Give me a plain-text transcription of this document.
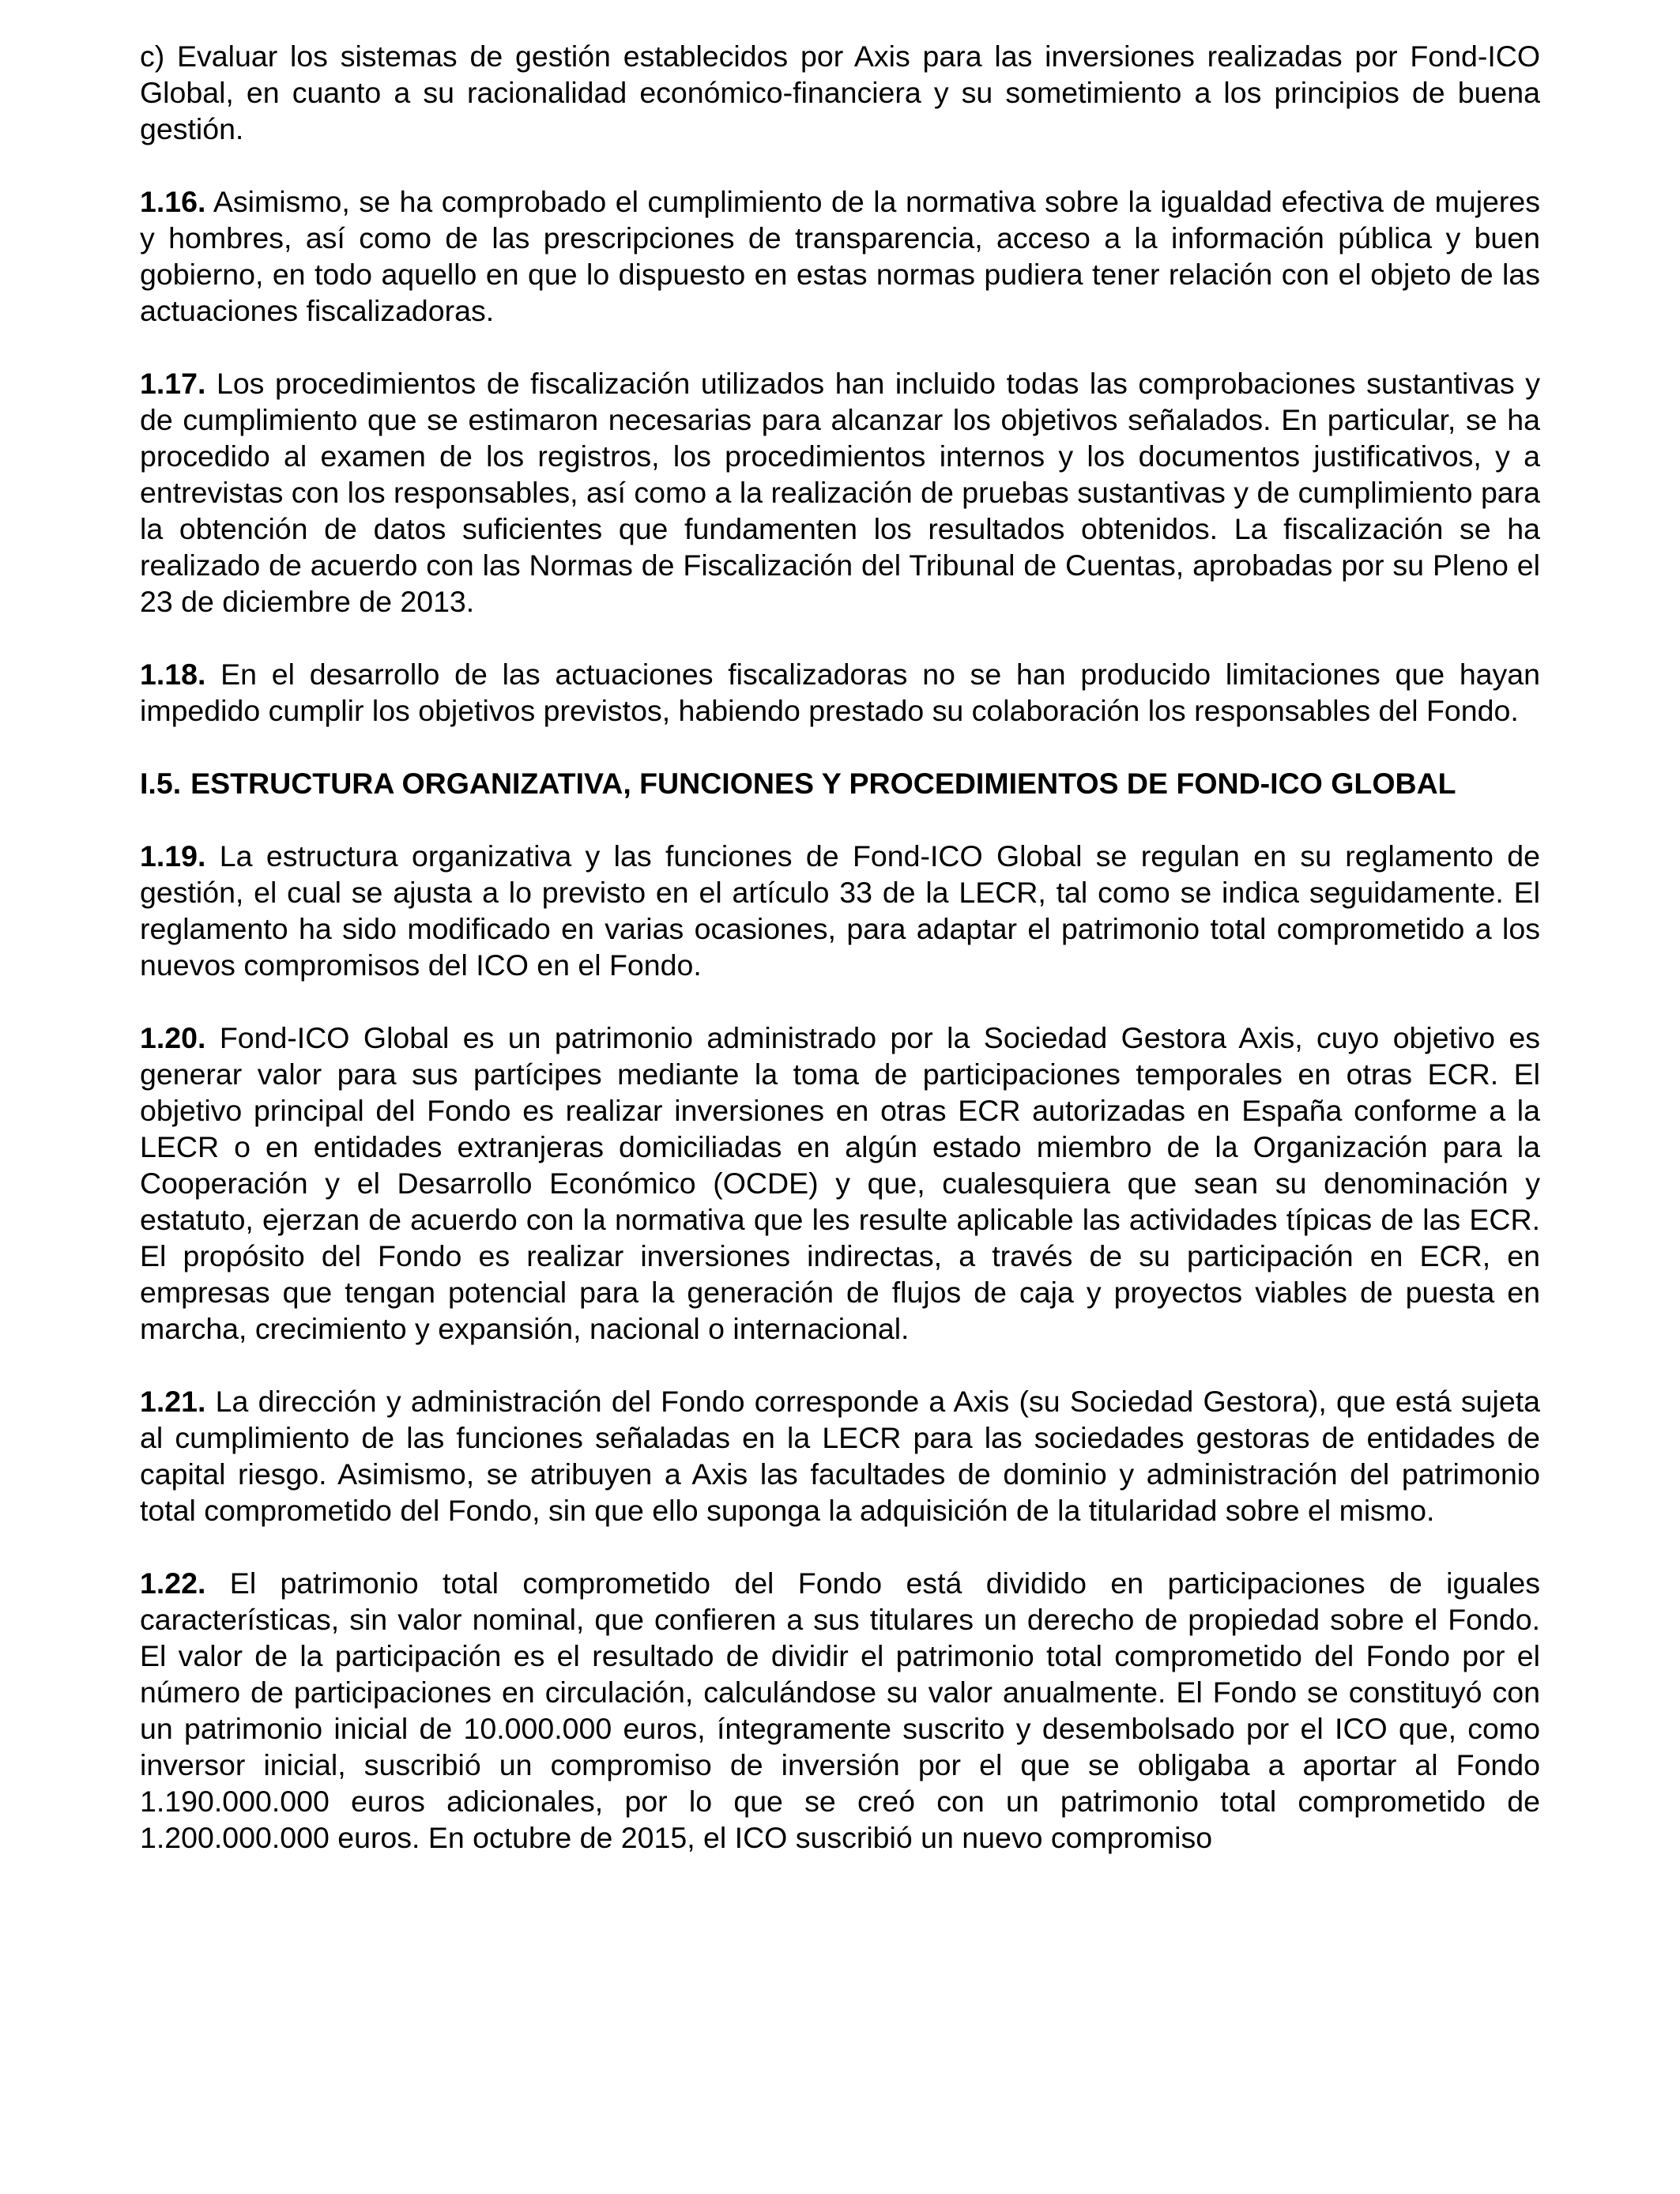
c) Evaluar los sistemas de gestión establecidos por Axis para las inversiones realizadas por Fond-ICO Global, en cuanto a su racionalidad económico-financiera y su sometimiento a los principios de buena gestión.

1.16. Asimismo, se ha comprobado el cumplimiento de la normativa sobre la igualdad efectiva de mujeres y hombres, así como de las prescripciones de transparencia, acceso a la información pública y buen gobierno, en todo aquello en que lo dispuesto en estas normas pudiera tener relación con el objeto de las actuaciones fiscalizadoras.

1.17. Los procedimientos de fiscalización utilizados han incluido todas las comprobaciones sustantivas y de cumplimiento que se estimaron necesarias para alcanzar los objetivos señalados. En particular, se ha procedido al examen de los registros, los procedimientos internos y los documentos justificativos, y a entrevistas con los responsables, así como a la realización de pruebas sustantivas y de cumplimiento para la obtención de datos suficientes que fundamenten los resultados obtenidos. La fiscalización se ha realizado de acuerdo con las Normas de Fiscalización del Tribunal de Cuentas, aprobadas por su Pleno el 23 de diciembre de 2013.

1.18. En el desarrollo de las actuaciones fiscalizadoras no se han producido limitaciones que hayan impedido cumplir los objetivos previstos, habiendo prestado su colaboración los responsables del Fondo.

I.5. ESTRUCTURA ORGANIZATIVA, FUNCIONES Y PROCEDIMIENTOS DE FOND-ICO GLOBAL

1.19. La estructura organizativa y las funciones de Fond-ICO Global se regulan en su reglamento de gestión, el cual se ajusta a lo previsto en el artículo 33 de la LECR, tal como se indica seguidamente. El reglamento ha sido modificado en varias ocasiones, para adaptar el patrimonio total comprometido a los nuevos compromisos del ICO en el Fondo.

1.20. Fond-ICO Global es un patrimonio administrado por la Sociedad Gestora Axis, cuyo objetivo es generar valor para sus partícipes mediante la toma de participaciones temporales en otras ECR. El objetivo principal del Fondo es realizar inversiones en otras ECR autorizadas en España conforme a la LECR o en entidades extranjeras domiciliadas en algún estado miembro de la Organización para la Cooperación y el Desarrollo Económico (OCDE) y que, cualesquiera que sean su denominación y estatuto, ejerzan de acuerdo con la normativa que les resulte aplicable las actividades típicas de las ECR. El propósito del Fondo es realizar inversiones indirectas, a través de su participación en ECR, en empresas que tengan potencial para la generación de flujos de caja y proyectos viables de puesta en marcha, crecimiento y expansión, nacional o internacional.

1.21. La dirección y administración del Fondo corresponde a Axis (su Sociedad Gestora), que está sujeta al cumplimiento de las funciones señaladas en la LECR para las sociedades gestoras de entidades de capital riesgo. Asimismo, se atribuyen a Axis las facultades de dominio y administración del patrimonio total comprometido del Fondo, sin que ello suponga la adquisición de la titularidad sobre el mismo.

1.22. El patrimonio total comprometido del Fondo está dividido en participaciones de iguales características, sin valor nominal, que confieren a sus titulares un derecho de propiedad sobre el Fondo. El valor de la participación es el resultado de dividir el patrimonio total comprometido del Fondo por el número de participaciones en circulación, calculándose su valor anualmente. El Fondo se constituyó con un patrimonio inicial de 10.000.000 euros, íntegramente suscrito y desembolsado por el ICO que, como inversor inicial, suscribió un compromiso de inversión por el que se obligaba a aportar al Fondo 1.190.000.000 euros adicionales, por lo que se creó con un patrimonio total comprometido de 1.200.000.000 euros. En octubre de 2015, el ICO suscribió un nuevo compromiso
